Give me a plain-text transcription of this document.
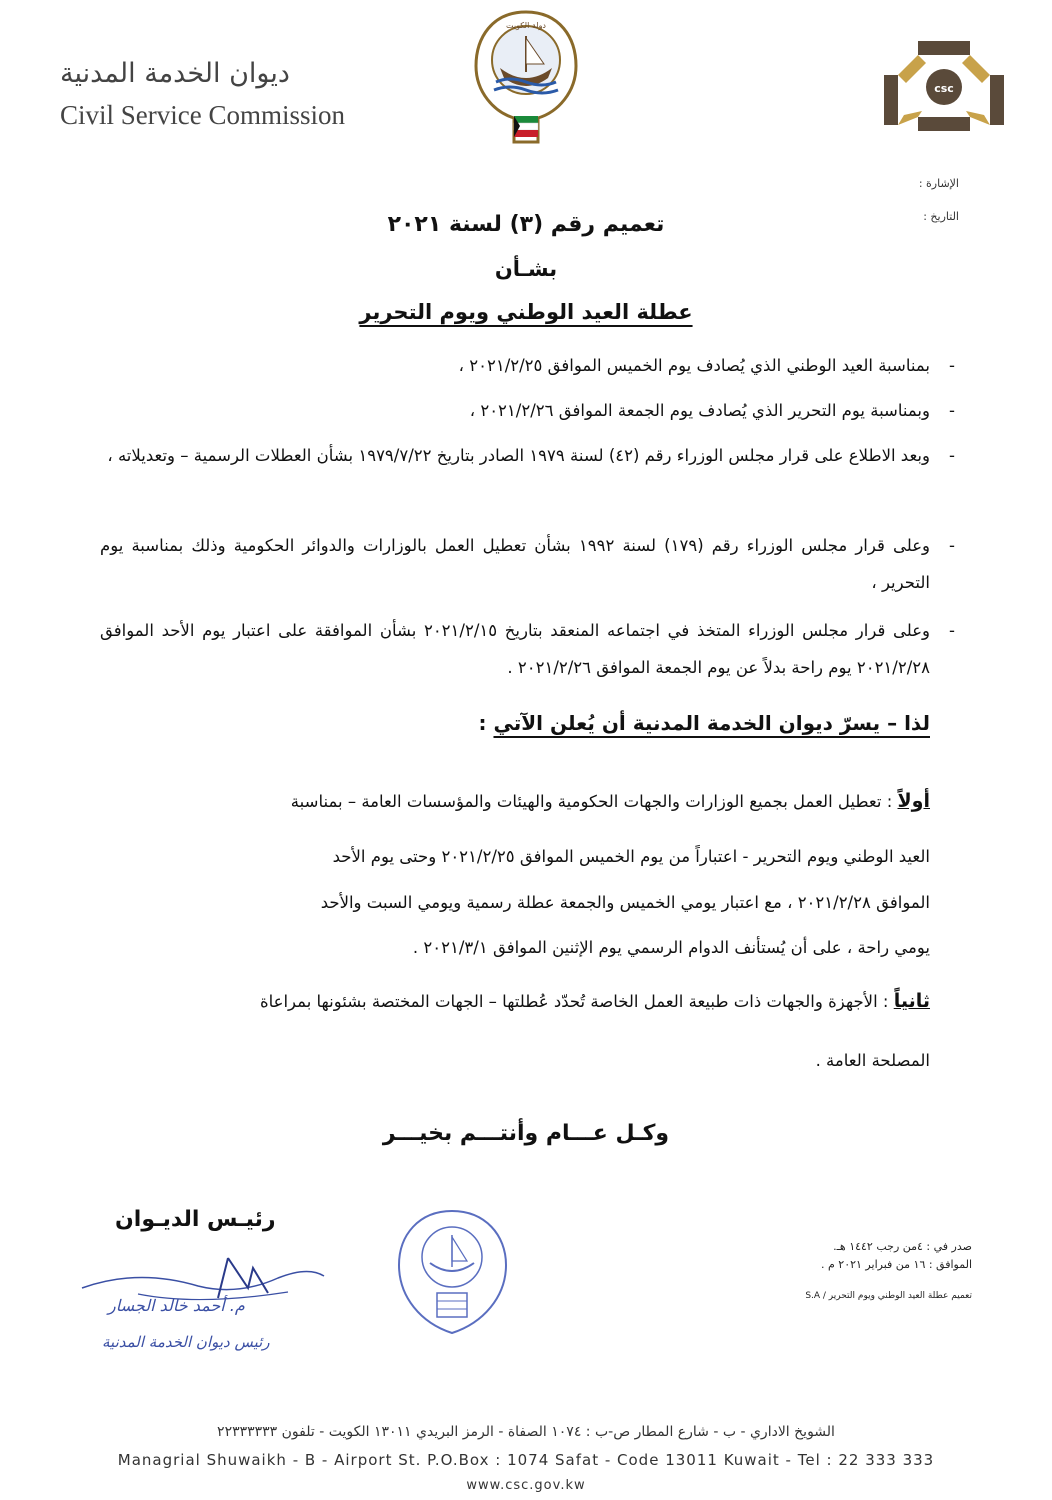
ديوان الخدمة المدنية
Civil Service Commission
دولة الكويت
csc
الإشارة :
التاريخ :
تعميم رقم (٣) لسنة ٢٠٢١
بشـأن
عطلة العيد الوطني ويوم التحرير
-
بمناسبة العيد الوطني الذي يُصادف يوم الخميس الموافق ٢٠٢١/٢/٢٥ ،
-
وبمناسبة يوم التحرير الذي يُصادف يوم الجمعة الموافق ٢٠٢١/٢/٢٦ ،
-
وبعد الاطلاع على قرار مجلس الوزراء رقم (٤٢) لسنة ١٩٧٩ الصادر بتاريخ ١٩٧٩/٧/٢٢ بشأن العطلات الرسمية – وتعديلاته ،
-
وعلى قرار مجلس الوزراء رقم (١٧٩) لسنة ١٩٩٢ بشأن تعطيل العمل بالوزارات والدوائر الحكومية وذلك بمناسبة يوم التحرير ،
-
وعلى قرار مجلس الوزراء المتخذ في اجتماعه المنعقد بتاريخ ٢٠٢١/٢/١٥ بشأن الموافقة على اعتبار يوم الأحد الموافق ٢٠٢١/٢/٢٨ يوم راحة بدلاً عن يوم الجمعة الموافق ٢٠٢١/٢/٢٦ .
لذا – يسرّ ديوان الخدمة المدنية أن يُعلن الآتي :
أولاً : تعطيل العمل بجميع الوزارات والجهات الحكومية والهيئات والمؤسسات العامة – بمناسبة
العيد الوطني ويوم التحرير - اعتباراً من يوم الخميس الموافق ٢٠٢١/٢/٢٥ وحتى يوم الأحد
الموافق ٢٠٢١/٢/٢٨ ، مع اعتبار يومي الخميس والجمعة عطلة رسمية ويومي السبت والأحد
يومي راحة ، على أن يُستأنف الدوام الرسمي يوم الإثنين الموافق ٢٠٢١/٣/١ .
ثانياً : الأجهزة والجهات ذات طبيعة العمل الخاصة تُحدّد عُطلتها – الجهات المختصة بشئونها بمراعاة
المصلحة العامة .
وكـل عـــام وأنتـــم بخيـــر
رئيـس الديـوان
م. أحمد خالد الجسار
رئيس ديوان الخدمة المدنية
صدر في : ٤من رجب ١٤٤٢ هـ.
الموافق : ١٦ من فبراير ٢٠٢١ م .
تعميم عطلة العيد الوطني ويوم التحرير / S.A
الشويخ الاداري - ب - شارع المطار ص-ب : ١٠٧٤ الصفاة - الرمز البريدي ١٣٠١١ الكويت - تلفون ٢٢٣٣٣٣٣٣
Managrial Shuwaikh - B - Airport St. P.O.Box : 1074 Safat - Code 13011 Kuwait - Tel : 22 333 333
www.csc.gov.kw
